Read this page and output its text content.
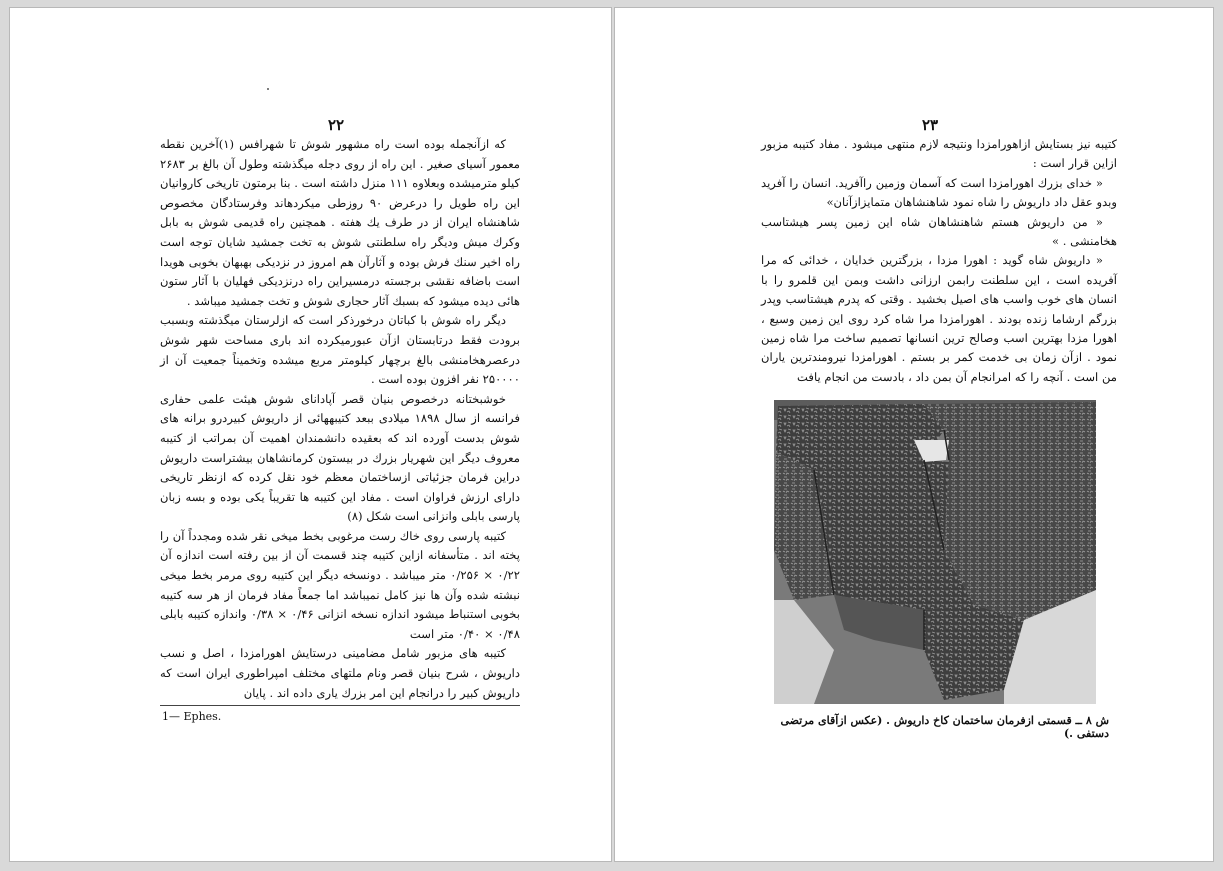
۲۲

که ازآنجمله بوده است راه مشهور شوش تا شهرافس (۱)آخرین نقطه معمور آسیای صغیر . این راه از روی دجله میگذشته وطول آن بالغ بر ۲۶۸۳ کیلو مترمیشده وبعلاوه ۱۱۱ منزل داشته است . بنا برمتون تاریخی کاروانیان این راه طویل را درعرض ۹۰ روزطی میکردهاند وفرستادگان مخصوص شاهنشاه ایران از در طرف یك هفته . همچنین راه قدیمی شوش به بابل وکرك میش ودیگر راه سلطنتی شوش به تخت جمشید شایان توجه است راه اخیر سنك فرش بوده و آثارآن هم امروز در نزدیکی بهبهان بخوبی هویدا است باضافه نقشی برجسته درمسیراین راه درنزدیکی فهلیان با آثار ستون هائی دیده میشود که بسبك آثار حجاری شوش و تخت جمشید میباشد .

دیگر راه شوش با کباتان درخورذکر است که ازلرستان میگذشته وبسبب برودت فقط درتابستان ازآن عبورمیکرده اند باری مساحت شهر شوش درعصرهخامنشی بالغ برچهار کیلومتر مربع میشده وتخمیناً جمعیت آن از ۲۵۰۰۰۰ نفر افزون بوده است .

خوشبختانه درخصوص بنیان قصر آپادانای شوش هیئت علمی حفاری فرانسه از سال ۱۸۹۸ میلادی ببعد کتیبههائی از داریوش کبیردرو برانه های شوش بدست آورده اند که بعقیده دانشمندان اهمیت آن بمراتب از کتیبه معروف دیگر این شهریار بزرك در بیستون کرمانشاهان بیشتراست داریوش دراین فرمان جزئیاتی ازساختمان معظم خود نقل کرده که ازنظر تاریخی دارای ارزش فراوان است . مفاد این کتیبه ها تقریباً یکی بوده و بسه زبان پارسی بابلی وانزانی است شکل (۸)

کتیبه پارسی روی خاك رست مرغوبی بخط میخی نقر شده ومجدداً آن را پخته اند . متأسفانه ازاین کتیبه چند قسمت آن از بین رفته است اندازه آن ۰/۲۲ × ۰/۲۵۶ متر میباشد . دونسخه دیگر این کتیبه روی مرمر بخط میخی نبشته شده وآن ها نیز کامل نمیباشد اما جمعاً مفاد فرمان از هر سه کتیبه بخوبی استنباط میشود اندازه نسخه انزانی ۰/۴۶ × ۰/۳۸ واندازه کتیبه بابلی ۰/۴۸ × ۰/۴۰ متر است

کتیبه های مزبور شامل مضامینی درستایش اهورامزدا ، اصل و نسب داریوش ، شرح بنیان قصر ونام ملتهای مختلف امپراطوری ایران است که داریوش کبیر را درانجام این امر بزرك یاری داده اند . پایان

1— Ephes.
۲۳

کتیبه نیز بستایش ازاهورامزدا ونتیجه لازم منتهی میشود . مفاد کتیبه مزبور ازاین قرار است :

« خدای بزرك اهورامزدا است که آسمان وزمین راآفرید. انسان را آفرید وبدو عقل داد داریوش را شاه نمود شاهنشاهان متمایزازآنان»

« من داریوش هستم شاهنشاهان شاه این زمین پسر هیشتاسب هخامنشی . »

« داریوش شاه گوید : اهورا مزدا ، بزرگترین خدایان ، خدائی که مرا آفریده است ، این سلطنت رابمن ارزانی داشت وبمن این قلمرو را با انسان های خوب واسب های اصیل بخشید . وقتی که پدرم هیشتاسب وپدر بزرگم ارشاما زنده بودند . اهورامزدا مرا شاه کرد روی این زمین وسیع ، اهورا مزدا بهترین اسب وصالح ترین انسانها تصمیم ساخت مرا شاه زمین نمود . ازآن زمان بی خدمت کمر بر بستم . اهورامزدا نیرومندترین یاران من است . آنچه را که امرانجام آن بمن داد ، بادست من انجام یافت

ش ۸ ــ قسمتی ازفرمان ساختمان کاخ داریوش . (عکس ازآقای مرتضی دستفی .)
